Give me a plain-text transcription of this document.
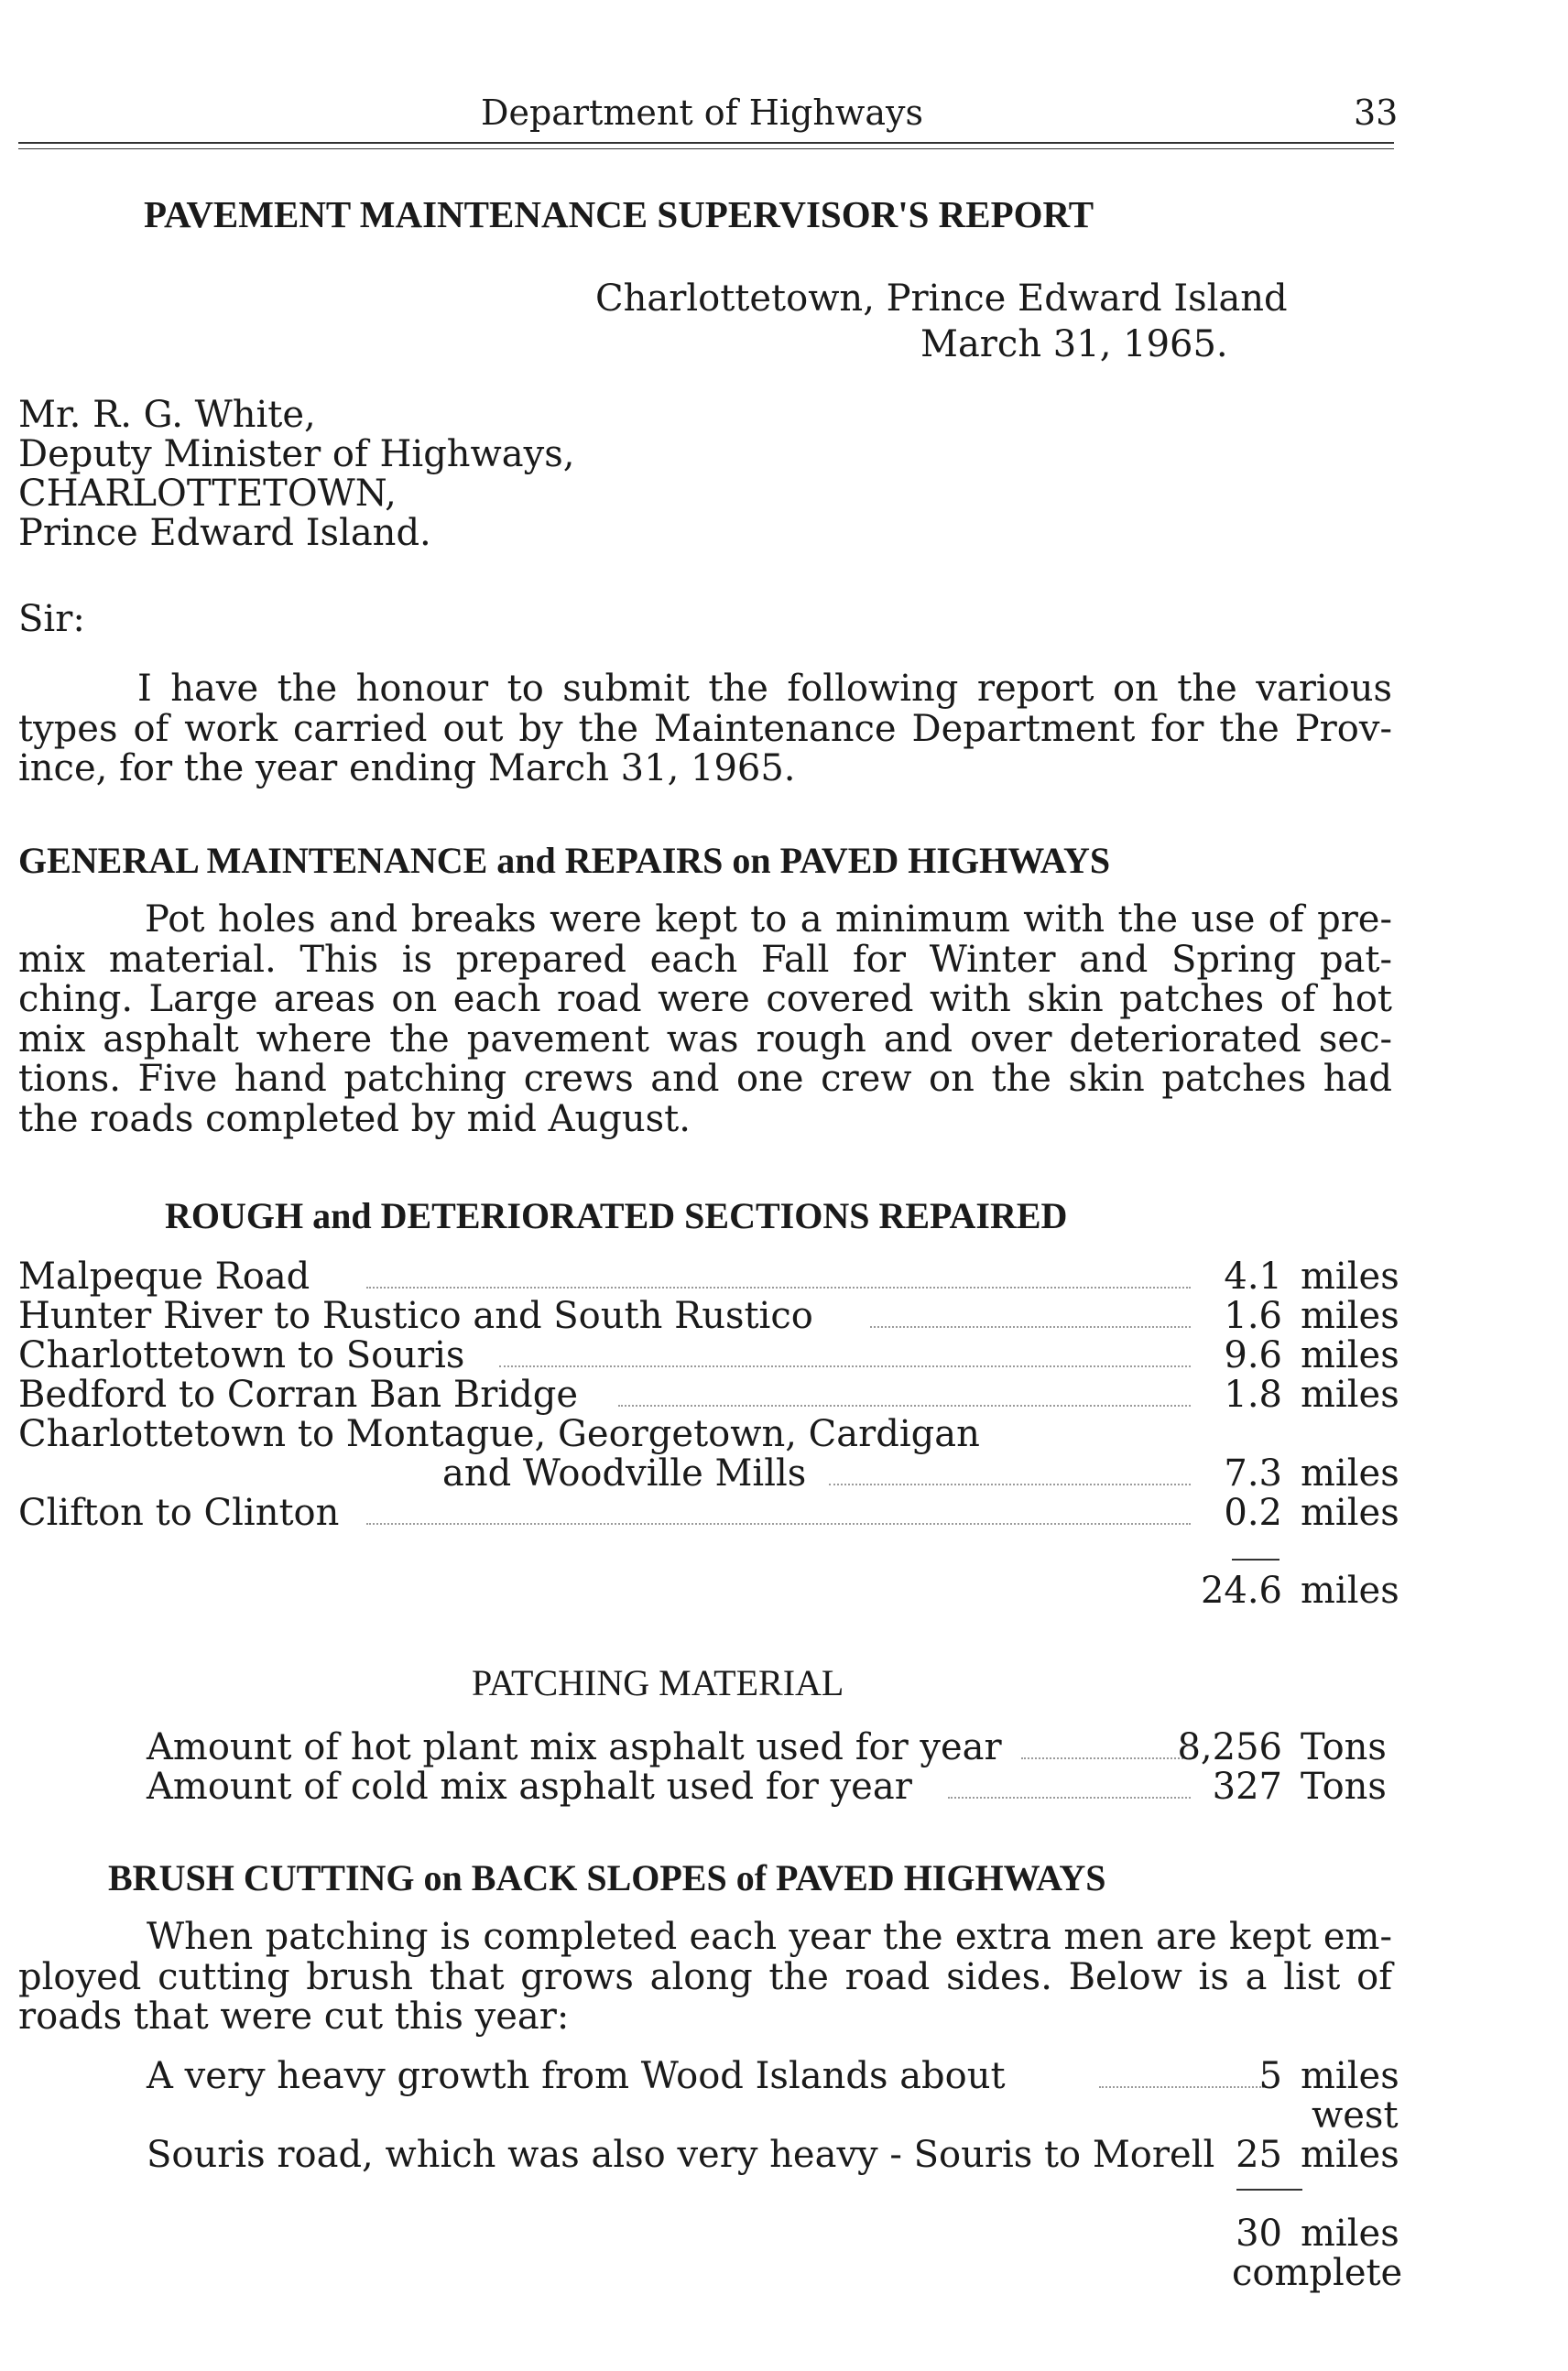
Department of Highways	33
PAVEMENT MAINTENANCE SUPERVISOR'S REPORT
Charlottetown, Prince Edward Island
March 31, 1965.
Mr. R. G. White,
Deputy Minister of Highways,
CHARLOTTETOWN,
Prince Edward Island.
Sir:
I have the honour to submit the following report on the various
types of work carried out by the Maintenance Department for the Prov-
ince, for the year ending March 31, 1965.
GENERAL MAINTENANCE and REPAIRS on PAVED HIGHWAYS
Pot holes and breaks were kept to a minimum with the use of pre-
mix material. This is prepared each Fall for Winter and Spring pat-
ching. Large areas on each road were covered with skin patches of hot
mix asphalt where the pavement was rough and over deteriorated sec-
tions. Five hand patching crews and one crew on the skin patches had
the roads completed by mid August.
ROUGH and DETERIORATED SECTIONS REPAIRED
Malpeque Road	4.1 miles
Hunter River to Rustico and South Rustico	1.6 miles
Charlottetown to Souris	9.6 miles
Bedford to Corran Ban Bridge	1.8 miles
Charlottetown to Montague, Georgetown, Cardigan
and Woodville Mills	7.3 miles
Clifton to Clinton	0.2 miles
24.6 miles
PATCHING MATERIAL
Amount of hot plant mix asphalt used for year	8,256 Tons
Amount of cold mix asphalt used for year	327 Tons
BRUSH CUTTING on BACK SLOPES of PAVED HIGHWAYS
When patching is completed each year the extra men are kept em-
ployed cutting brush that grows along the road sides. Below is a list of
roads that were cut this year:
A very heavy growth from Wood Islands about	5 miles
west
Souris road, which was also very heavy - Souris to Morell 25 miles
30 miles
complete
